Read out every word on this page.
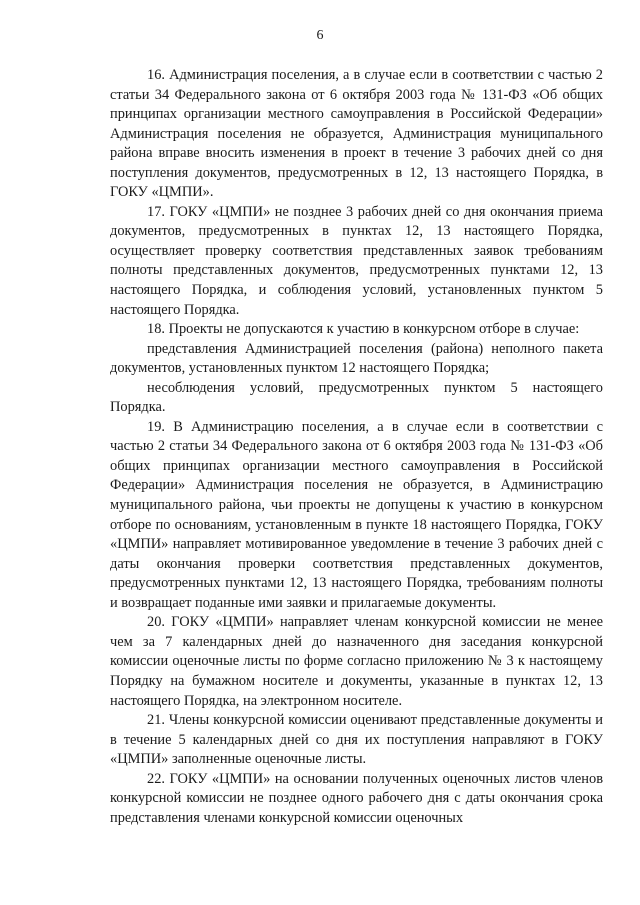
6

16. Администрация поселения, а в случае если в соответствии с частью 2 статьи 34 Федерального закона от 6 октября 2003 года № 131-ФЗ «Об общих принципах организации местного самоуправления в Российской Федерации» Администрация поселения не образуется, Администрация муниципального района вправе вносить изменения в проект в течение 3 рабочих дней со дня поступления документов, предусмотренных в 12, 13 настоящего Порядка, в ГОКУ «ЦМПИ».

17. ГОКУ «ЦМПИ» не позднее 3 рабочих дней со дня окончания приема документов, предусмотренных в пунктах 12, 13 настоящего Порядка, осуществляет проверку соответствия представленных заявок требованиям полноты представленных документов, предусмотренных пунктами 12, 13 настоящего Порядка, и соблюдения условий, установленных пунктом 5 настоящего Порядка.

18. Проекты не допускаются к участию в конкурсном отборе в случае:

представления Администрацией поселения (района) неполного пакета документов, установленных пунктом 12 настоящего Порядка;

несоблюдения условий, предусмотренных пунктом 5 настоящего Порядка.

19. В Администрацию поселения, а в случае если в соответствии с частью 2 статьи 34 Федерального закона от 6 октября 2003 года № 131-ФЗ «Об общих принципах организации местного самоуправления в Российской Федерации» Администрация поселения не образуется, в Администрацию муниципального района, чьи проекты не допущены к участию в конкурсном отборе по основаниям, установленным в пункте 18 настоящего Порядка, ГОКУ «ЦМПИ» направляет мотивированное уведомление в течение 3 рабочих дней с даты окончания проверки соответствия представленных документов, предусмотренных пунктами 12, 13 настоящего Порядка, требованиям полноты и возвращает поданные ими заявки и прилагаемые документы.

20. ГОКУ «ЦМПИ» направляет членам конкурсной комиссии не менее чем за 7 календарных дней до назначенного дня заседания конкурсной комиссии оценочные листы по форме согласно приложению № 3 к настоящему Порядку на бумажном носителе и документы, указанные в пунктах 12, 13 настоящего Порядка, на электронном носителе.

21. Члены конкурсной комиссии оценивают представленные документы и в течение 5 календарных дней со дня их поступления направляют в ГОКУ «ЦМПИ» заполненные оценочные листы.

22. ГОКУ «ЦМПИ» на основании полученных оценочных листов членов конкурсной комиссии не позднее одного рабочего дня с даты окончания срока представления членами конкурсной комиссии оценочных
